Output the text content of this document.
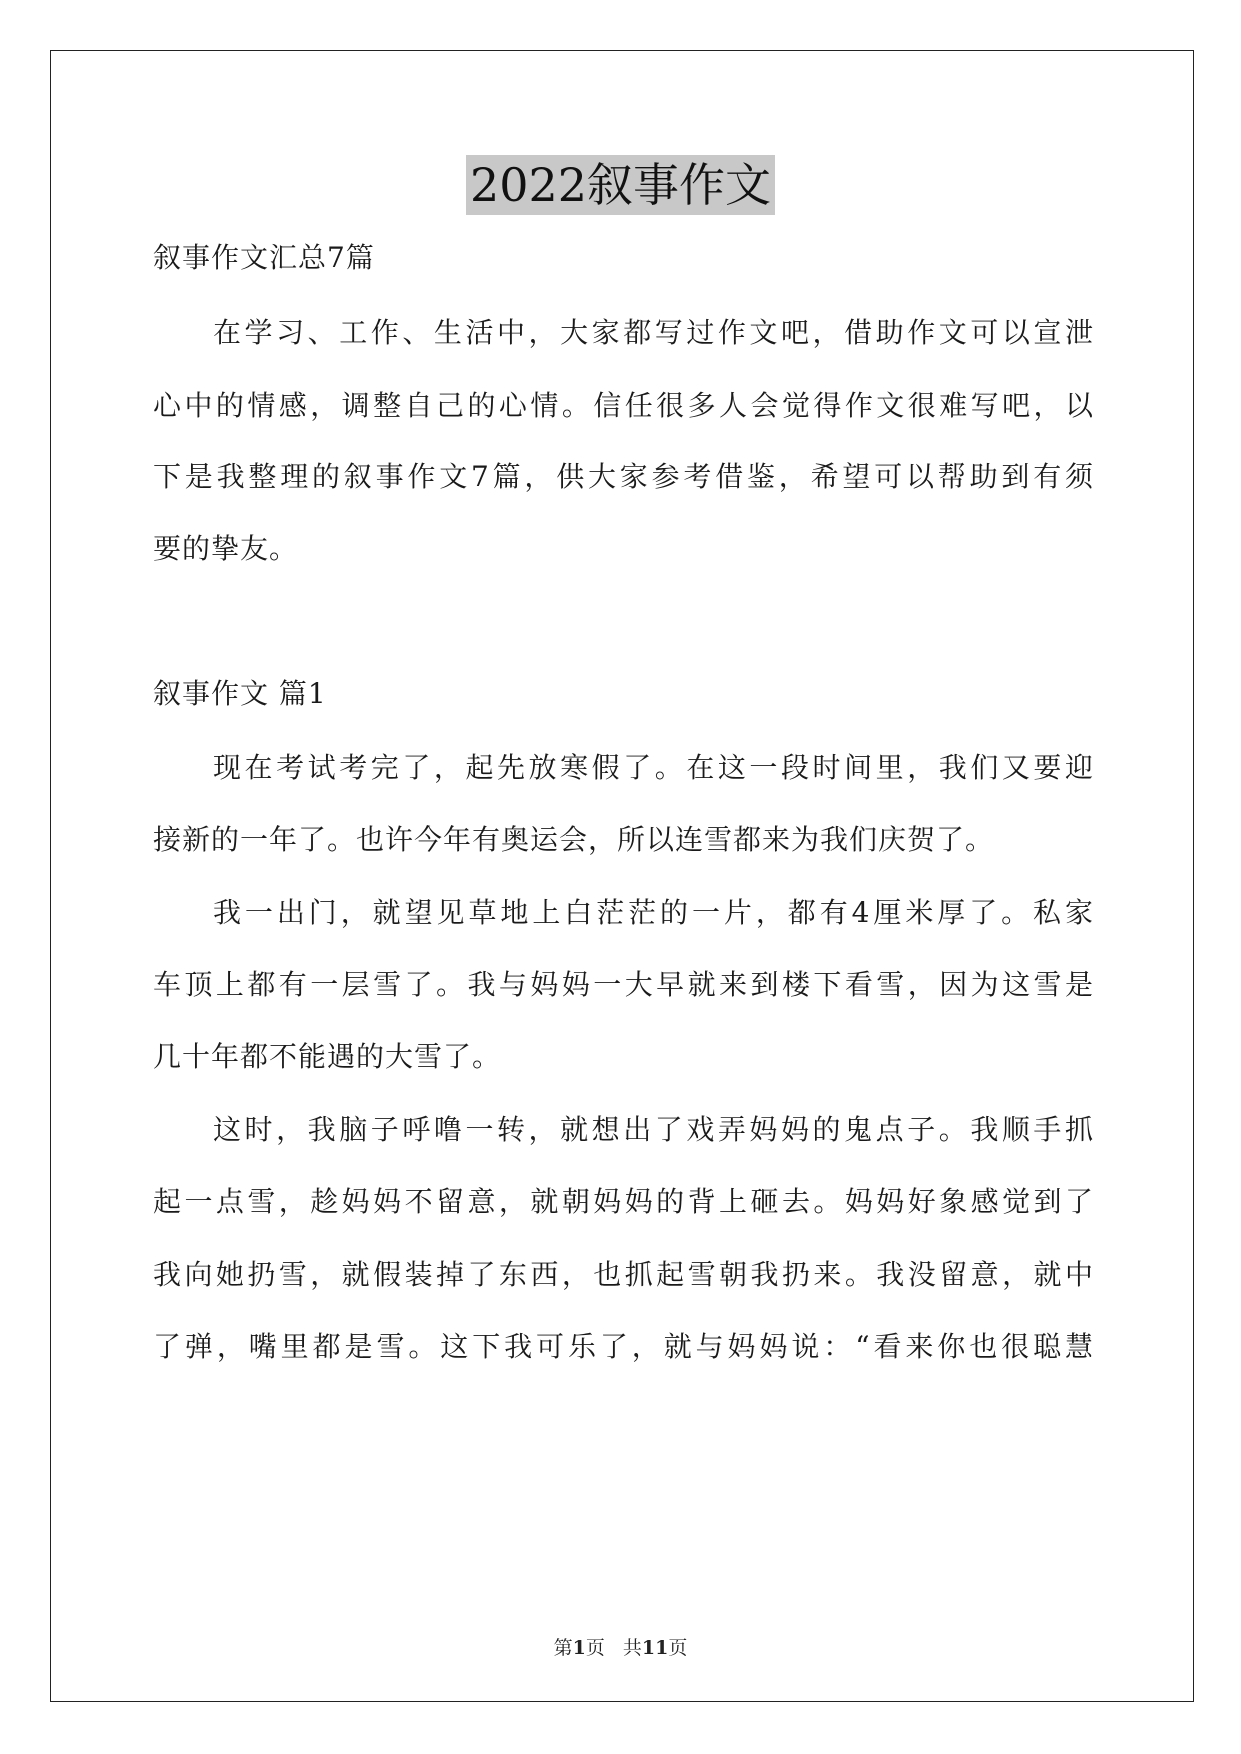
2022叙事作文
叙事作文汇总7篇
在学习、工作、生活中，大家都写过作文吧，借助作文可以宣泄
心中的情感，调整自己的心情。信任很多人会觉得作文很难写吧，以
下是我整理的叙事作文7篇，供大家参考借鉴，希望可以帮助到有须
要的挚友。
叙事作文 篇1
现在考试考完了，起先放寒假了。在这一段时间里，我们又要迎
接新的一年了。也许今年有奥运会，所以连雪都来为我们庆贺了。
我一出门，就望见草地上白茫茫的一片，都有4厘米厚了。私家
车顶上都有一层雪了。我与妈妈一大早就来到楼下看雪，因为这雪是
几十年都不能遇的大雪了。
这时，我脑子呼噜一转，就想出了戏弄妈妈的鬼点子。我顺手抓
起一点雪，趁妈妈不留意，就朝妈妈的背上砸去。妈妈好象感觉到了
我向她扔雪，就假装掉了东西，也抓起雪朝我扔来。我没留意，就中
了弹，嘴里都是雪。这下我可乐了，就与妈妈说：“看来你也很聪慧
第1页 共11页
